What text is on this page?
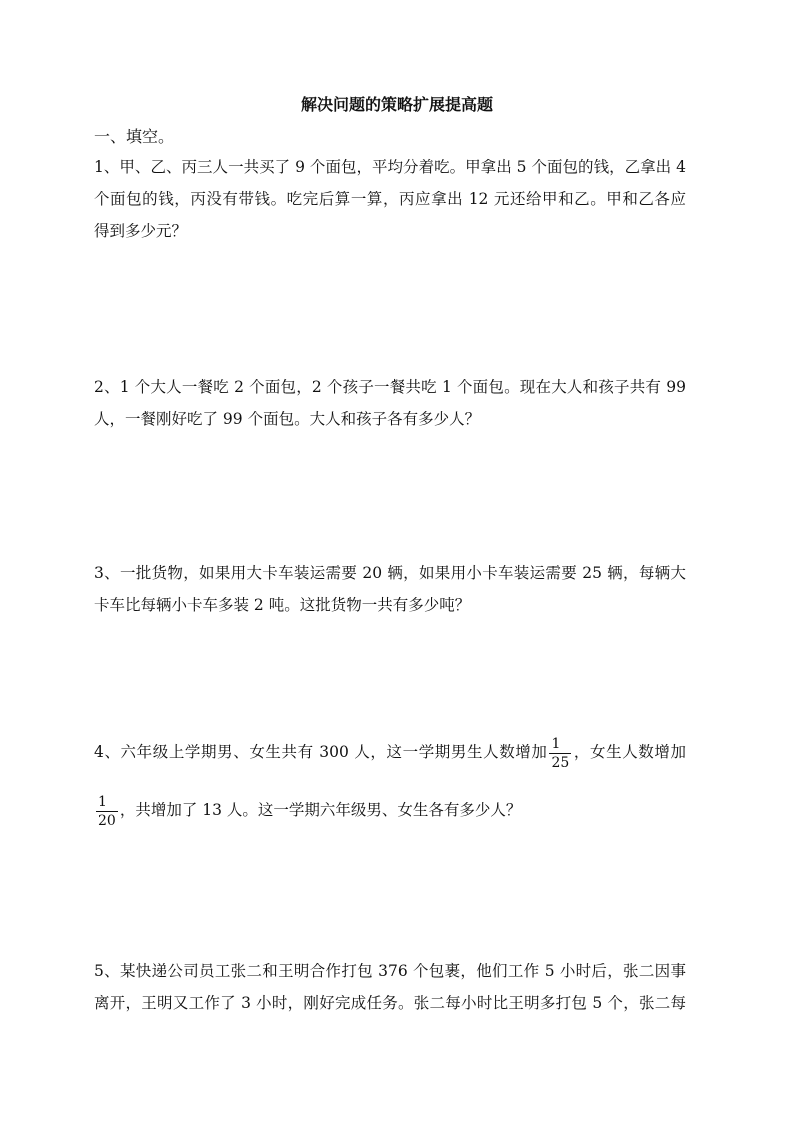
解决问题的策略扩展提高题
一、填空。
1、甲、乙、丙三人一共买了 9 个面包，平均分着吃。甲拿出 5 个面包的钱，乙拿出 4
个面包的钱，丙没有带钱。吃完后算一算，丙应拿出 12 元还给甲和乙。甲和乙各应
得到多少元？
2、1 个大人一餐吃 2 个面包，2 个孩子一餐共吃 1 个面包。现在大人和孩子共有 99
人，一餐刚好吃了 99 个面包。大人和孩子各有多少人？
3、一批货物，如果用大卡车装运需要 20 辆，如果用小卡车装运需要 25 辆，每辆大
卡车比每辆小卡车多装 2 吨。这批货物一共有多少吨？
4、六年级上学期男、女生共有 300 人，这一学期男生人数增加 $\frac{1}{25}$ ，女生人数增加
$\frac{1}{20}$ ，共增加了 13 人。这一学期六年级男、女生各有多少人？
5、某快递公司员工张二和王明合作打包 376 个包裹，他们工作 5 小时后，张二因事
离开，王明又工作了 3 小时，刚好完成任务。张二每小时比王明多打包 5 个，张二每
